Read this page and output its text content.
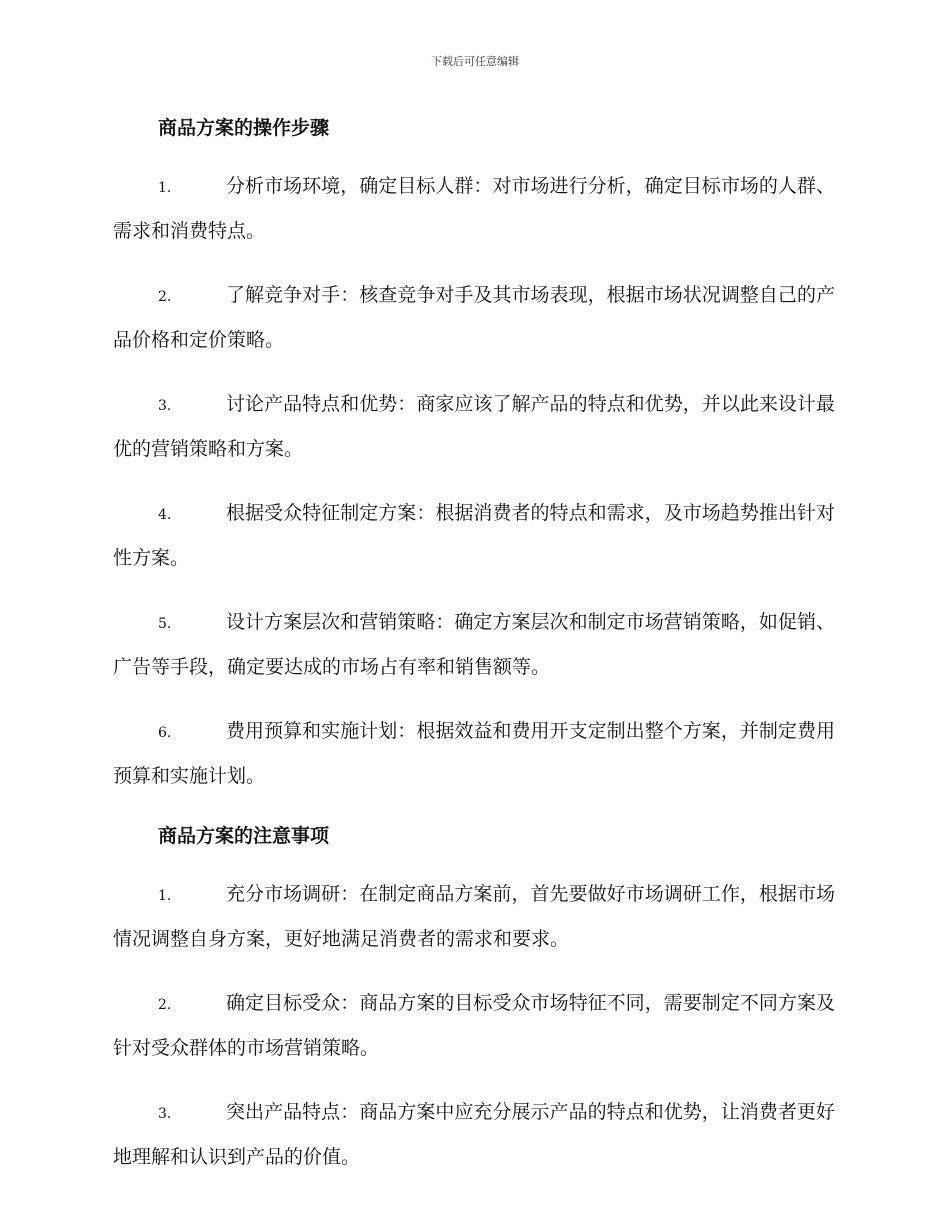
下载后可任意编辑
商品方案的操作步骤
1.	分析市场环境，确定目标人群：对市场进行分析，确定目标市场的人群、需求和消费特点。
2.	了解竞争对手：核查竞争对手及其市场表现，根据市场状况调整自己的产品价格和定价策略。
3.	讨论产品特点和优势：商家应该了解产品的特点和优势，并以此来设计最优的营销策略和方案。
4.	根据受众特征制定方案：根据消费者的特点和需求，及市场趋势推出针对性方案。
5.	设计方案层次和营销策略：确定方案层次和制定市场营销策略，如促销、广告等手段，确定要达成的市场占有率和销售额等。
6.	费用预算和实施计划：根据效益和费用开支定制出整个方案，并制定费用预算和实施计划。
商品方案的注意事项
1.	充分市场调研：在制定商品方案前，首先要做好市场调研工作，根据市场情况调整自身方案，更好地满足消费者的需求和要求。
2.	确定目标受众：商品方案的目标受众市场特征不同，需要制定不同方案及针对受众群体的市场营销策略。
3.	突出产品特点：商品方案中应充分展示产品的特点和优势，让消费者更好地理解和认识到产品的价值。
